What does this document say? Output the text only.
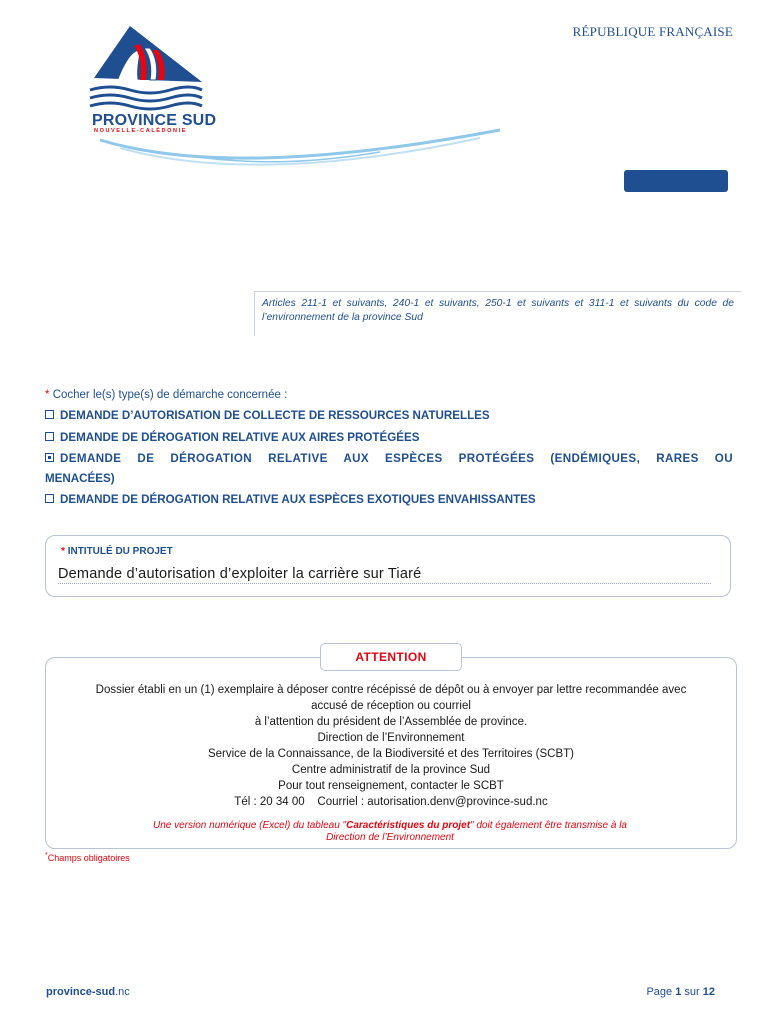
PROVINCE SUD
NOUVELLE-CALÉDONIE
RÉPUBLIQUE FRANÇAISE
Articles 211-1 et suivants, 240-1 et suivants, 250-1 et suivants et 311-1 et suivants du code de l’environnement de la province Sud
* Cocher le(s) type(s) de démarche concernée :
DEMANDE D’AUTORISATION DE COLLECTE DE RESSOURCES NATURELLES
DEMANDE DE DÉROGATION RELATIVE AUX AIRES PROTÉGÉES
DEMANDE DE DÉROGATION RELATIVE AUX ESPÈCES PROTÉGÉES (ENDÉMIQUES, RARES OU
MENACÉES)
DEMANDE DE DÉROGATION RELATIVE AUX ESPÈCES EXOTIQUES ENVAHISSANTES
* INTITULÉ DU PROJET
Demande d’autorisation d’exploiter la carrière sur Tiaré
ATTENTION
Dossier établi en un (1) exemplaire à déposer contre récépissé de dépôt ou à envoyer par lettre recommandée avec
accusé de réception ou courriel
à l’attention du président de l’Assemblée de province.
Direction de l’Environnement
Service de la Connaissance, de la Biodiversité et des Territoires (SCBT)
Centre administratif de la province Sud
Pour tout renseignement, contacter le SCBT
Tél : 20 34 00    Courriel : autorisation.denv@province-sud.nc
Une version numérique (Excel) du tableau "Caractéristiques du projet" doit également être transmise à la
Direction de l’Environnement
*Champs obligatoires
province-sud.nc	Page 1 sur 12
